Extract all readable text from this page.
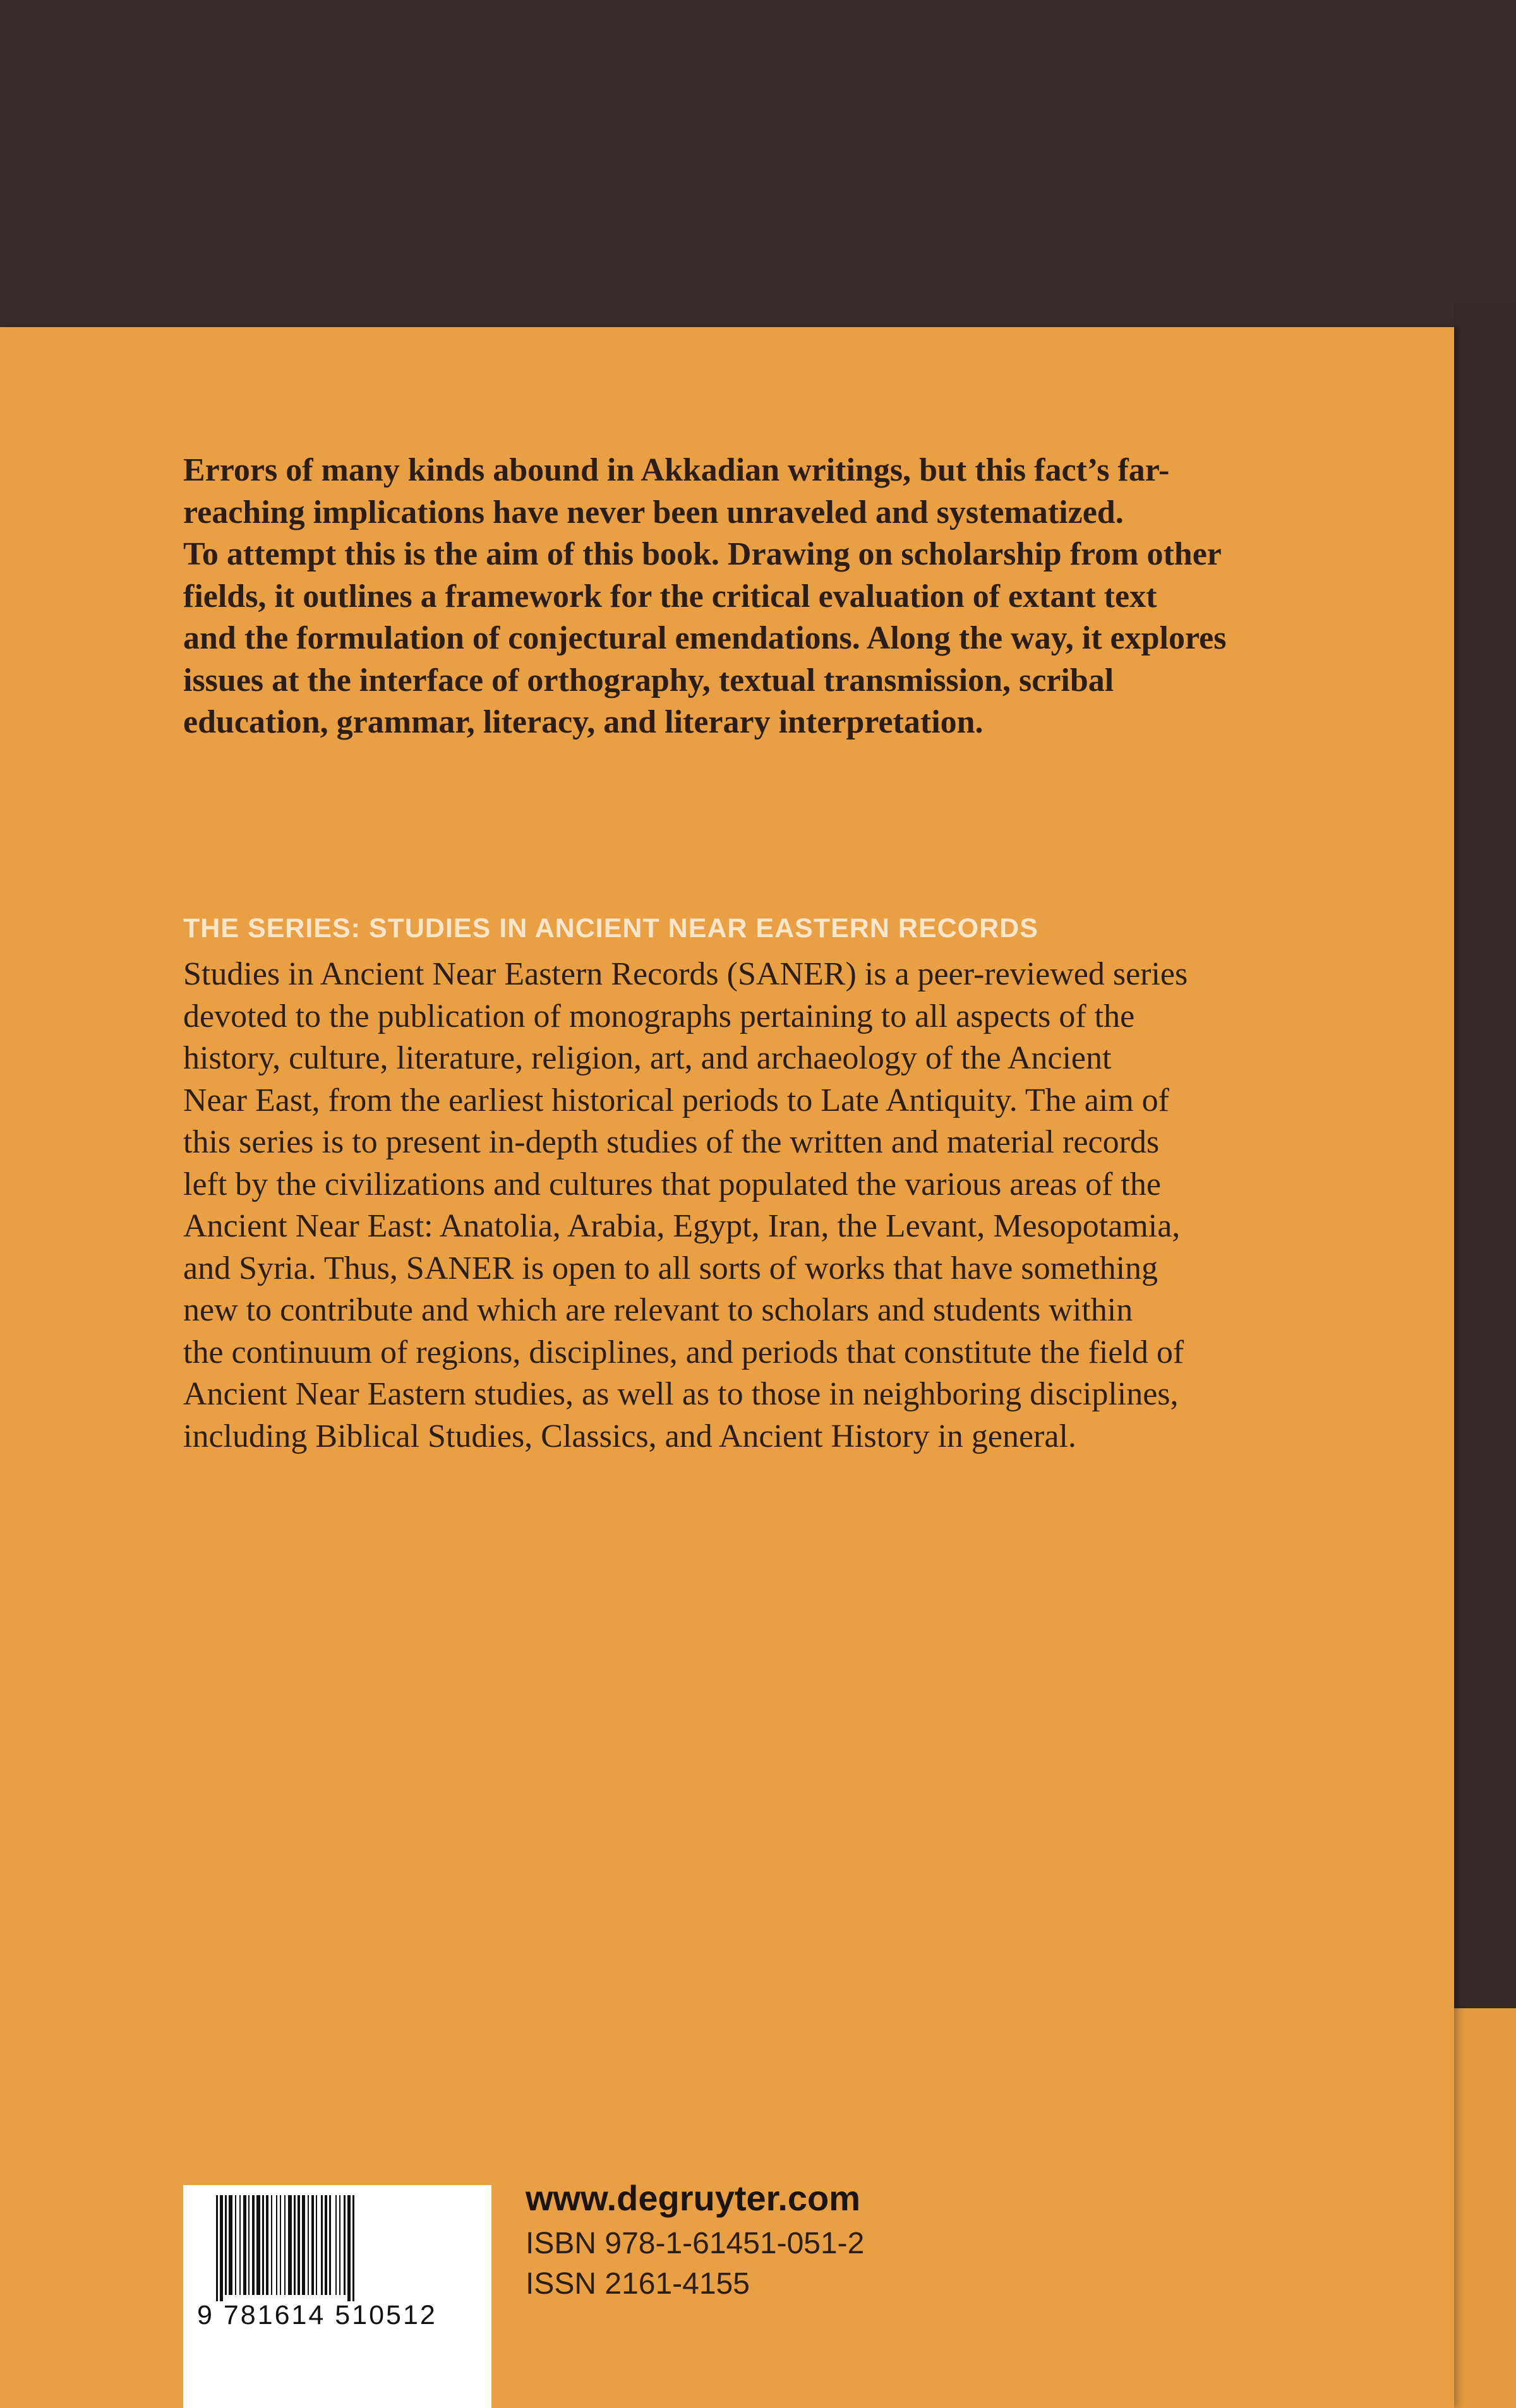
Errors of many kinds abound in Akkadian writings, but this fact’s far-
reaching implications have never been unraveled and systematized.
To attempt this is the aim of this book. Drawing on scholarship from other
fields, it outlines a framework for the critical evaluation of extant text
and the formulation of conjectural emendations. Along the way, it explores
issues at the interface of orthography, textual transmission, scribal
education, grammar, literacy, and literary interpretation.

THE SERIES: STUDIES IN ANCIENT NEAR EASTERN RECORDS

Studies in Ancient Near Eastern Records (SANER) is a peer-reviewed series
devoted to the publication of monographs pertaining to all aspects of the
history, culture, literature, religion, art, and archaeology of the Ancient
Near East, from the earliest historical periods to Late Antiquity. The aim of
this series is to present in-depth studies of the written and material records
left by the civilizations and cultures that populated the various areas of the
Ancient Near East: Anatolia, Arabia, Egypt, Iran, the Levant, Mesopotamia,
and Syria. Thus, SANER is open to all sorts of works that have something
new to contribute and which are relevant to scholars and students within
the continuum of regions, disciplines, and periods that constitute the field of
Ancient Near Eastern studies, as well as to those in neighboring disciplines,
including Biblical Studies, Classics, and Ancient History in general.

9 781614 510512
www.degruyter.com
ISBN 978-1-61451-051-2
ISSN 2161-4155
